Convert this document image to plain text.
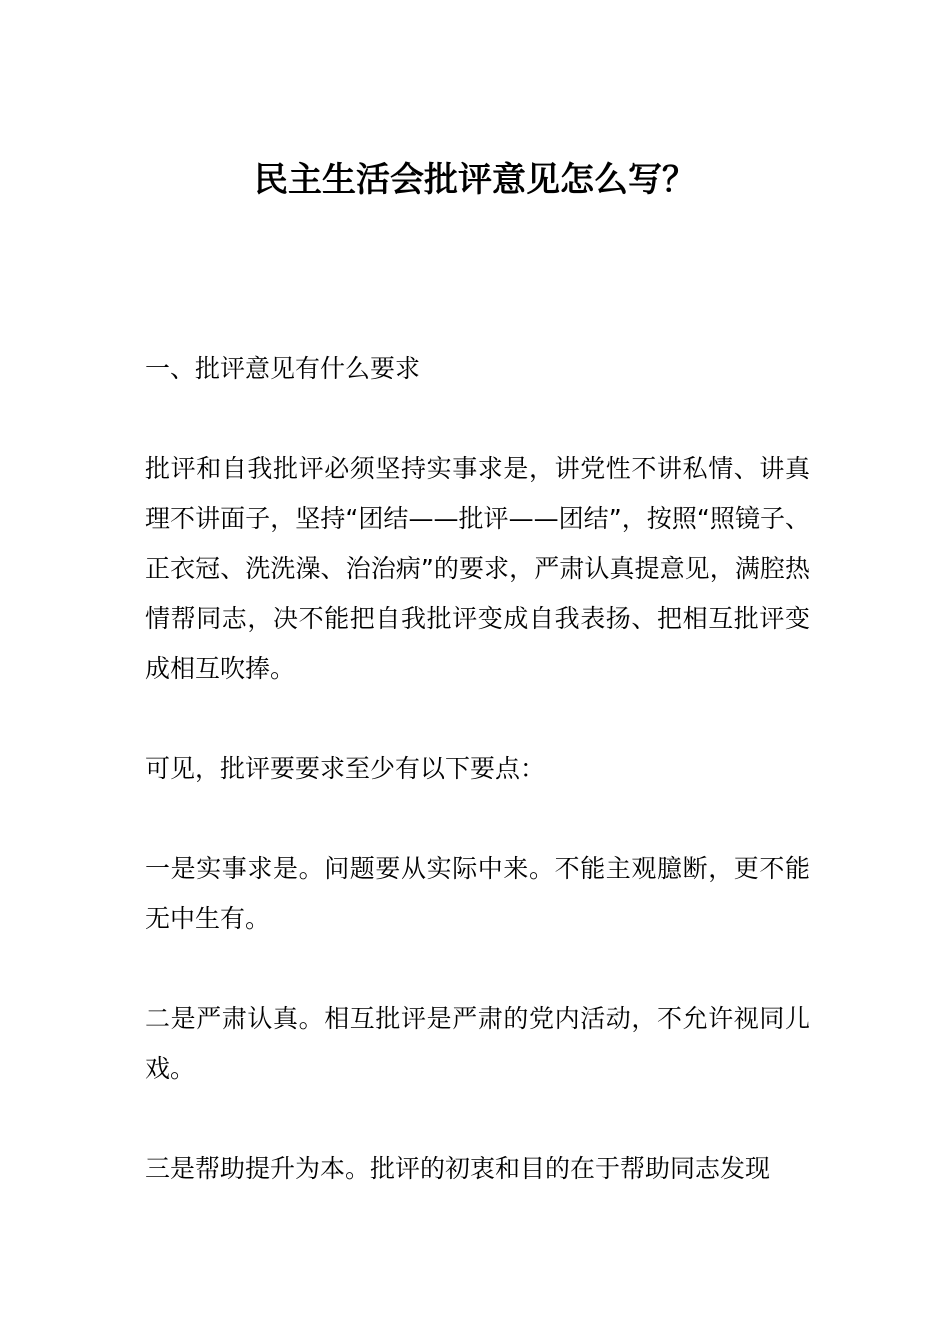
民主生活会批评意见怎么写？

一、批评意见有什么要求

批评和自我批评必须坚持实事求是，讲党性不讲私情、讲真理不讲面子，坚持“团结——批评——团结”，按照“照镜子、正衣冠、洗洗澡、治治病”的要求，严肃认真提意见，满腔热情帮同志，决不能把自我批评变成自我表扬、把相互批评变成相互吹捧。

可见，批评要要求至少有以下要点：

一是实事求是。问题要从实际中来。不能主观臆断，更不能无中生有。

二是严肃认真。相互批评是严肃的党内活动，不允许视同儿戏。

三是帮助提升为本。批评的初衷和目的在于帮助同志发现
